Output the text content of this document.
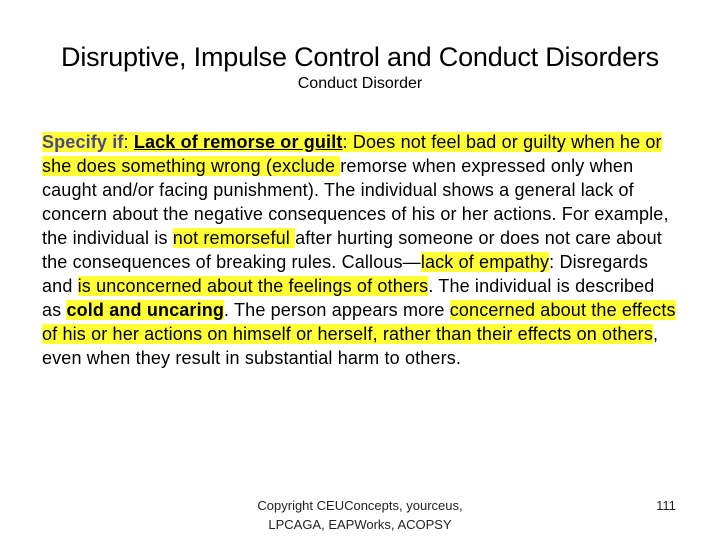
Disruptive, Impulse Control and Conduct Disorders
Conduct Disorder
Specify if: Lack of remorse or guilt: Does not feel bad or guilty when he or she does something wrong (exclude remorse when expressed only when caught and/or facing punishment). The individual shows a general lack of concern about the negative consequences of his or her actions. For example, the individual is not remorseful after hurting someone or does not care about the consequences of breaking rules. Callous—lack of empathy: Disregards and is unconcerned about the feelings of others. The individual is described as cold and uncaring. The person appears more concerned about the effects of his or her actions on himself or herself, rather than their effects on others, even when they result in substantial harm to others.
Copyright CEUConcepts, yourceus, LPCAGA, EAPWorks, ACOPSY
111
